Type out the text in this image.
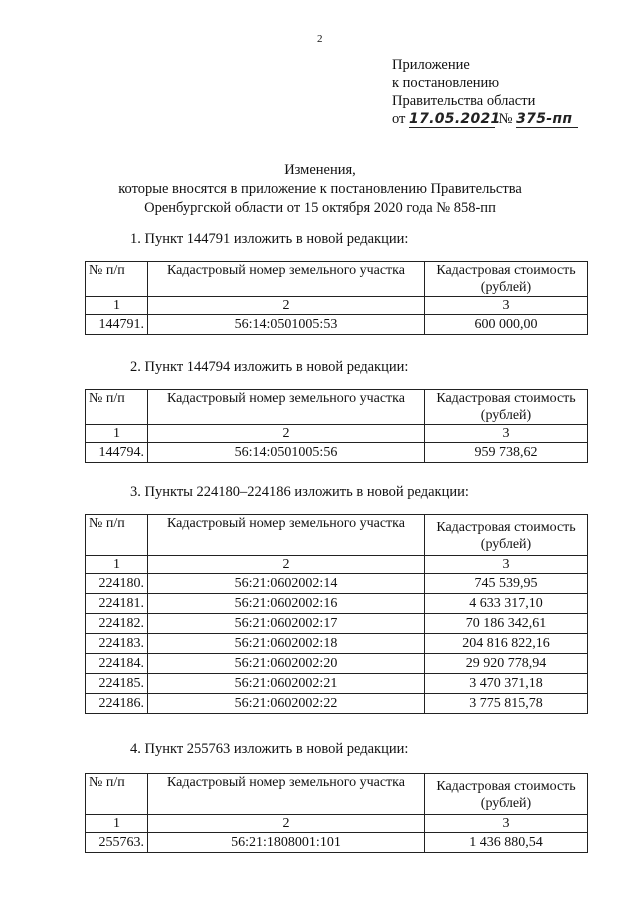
2
Приложение
к постановлению
Правительства области
от 17.05.2021 № 375-пп
Изменения,
которые вносятся в приложение к постановлению Правительства
Оренбургской области от 15 октября 2020 года № 858-пп
1. Пункт 144791 изложить в новой редакции:
№ п/п	Кадастровый номер земельного участка	Кадастровая стоимость (рублей)
1	2	3
144791.	56:14:0501005:53	600 000,00
2. Пункт 144794 изложить в новой редакции:
№ п/п	Кадастровый номер земельного участка	Кадастровая стоимость (рублей)
1	2	3
144794.	56:14:0501005:56	959 738,62
3. Пункты 224180–224186 изложить в новой редакции:
№ п/п	Кадастровый номер земельного участка	Кадастровая стоимость (рублей)
1	2	3
224180.	56:21:0602002:14	745 539,95
224181.	56:21:0602002:16	4 633 317,10
224182.	56:21:0602002:17	70 186 342,61
224183.	56:21:0602002:18	204 816 822,16
224184.	56:21:0602002:20	29 920 778,94
224185.	56:21:0602002:21	3 470 371,18
224186.	56:21:0602002:22	3 775 815,78
4. Пункт 255763 изложить в новой редакции:
№ п/п	Кадастровый номер земельного участка	Кадастровая стоимость (рублей)
1	2	3
255763.	56:21:1808001:101	1 436 880,54
